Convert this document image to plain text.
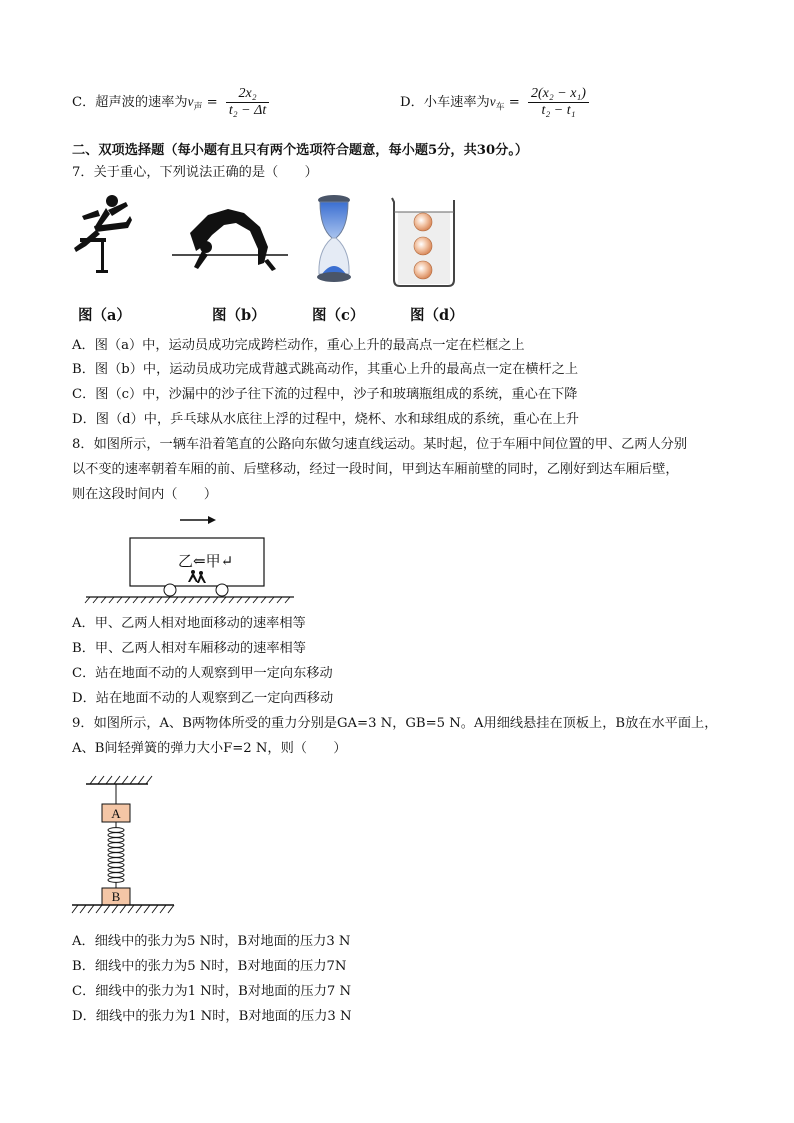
C．超声波的速率为$v_声 = \frac{\text{2x₂}}{\text{t₂ − Δt}}$	D．小车速率为$v_车 = \frac{\text{2(x₂ − x₁)}}{\text{t₂ − t₁}}$
二、双项选择题（每小题有且只有两个选项符合题意，每小题5分，共30分。）
7．关于重心，下列说法正确的是（　　）
图（a）	图（b）	图（c）	图（d）
A．图（a）中，运动员成功完成跨栏动作，重心上升的最高点一定在栏框之上
B．图（b）中，运动员成功完成背越式跳高动作，其重心上升的最高点一定在横杆之上
C．图（c）中，沙漏中的沙子往下流的过程中，沙子和玻璃瓶组成的系统，重心在下降
D．图（d）中，乒乓球从水底往上浮的过程中，烧杯、水和球组成的系统，重心在上升
8．如图所示，一辆车沿着笔直的公路向东做匀速直线运动。某时起，位于车厢中间位置的甲、乙两人分别
以不变的速率朝着车厢的前、后壁移动，经过一段时间，甲到达车厢前壁的同时，乙刚好到达车厢后壁，
则在这段时间内（　　）
乙⇐甲↵
A．甲、乙两人相对地面移动的速率相等
B．甲、乙两人相对车厢移动的速率相等
C．站在地面不动的人观察到甲一定向东移动
D．站在地面不动的人观察到乙一定向西移动
9．如图所示，A、B两物体所受的重力分别是GA=3 N，GB=5 N。A用细线悬挂在顶板上，B放在水平面上，
A、B间轻弹簧的弹力大小F=2 N，则（　　）
A
B
A．细线中的张力为5 N时，B对地面的压力3 N
B．细线中的张力为5 N时，B对地面的压力7N
C．细线中的张力为1 N时，B对地面的压力7 N
D．细线中的张力为1 N时，B对地面的压力3 N
